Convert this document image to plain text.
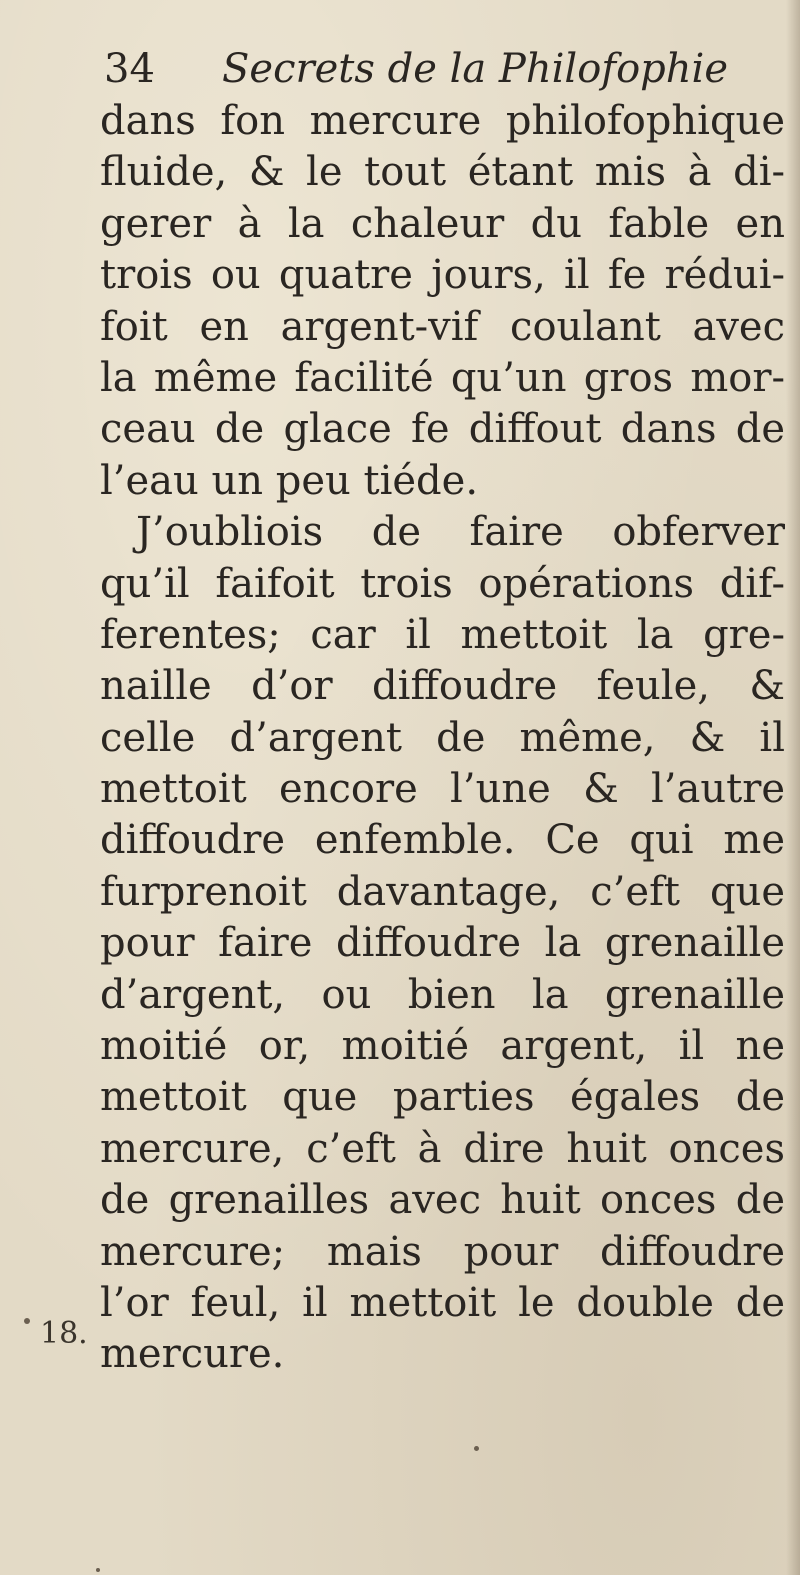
34 Secrets de la Philofophie
dans fon mercure philofophique
fluide, & le tout étant mis à di-
gerer à la chaleur du fable en
trois ou quatre jours, il fe rédui-
foit en argent-vif coulant avec
la même facilité qu’un gros mor-
ceau de glace fe diffout dans de
l’eau un peu tiéde.
J’oubliois de faire obferver
qu’il faifoit trois opérations dif-
ferentes; car il mettoit la gre-
naille d’or diffoudre feule, &
celle d’argent de même, & il
mettoit encore l’une & l’autre
diffoudre enfemble. Ce qui me
furprenoit davantage, c’eft que
pour faire diffoudre la grenaille
d’argent, ou bien la grenaille
moitié or, moitié argent, il ne
mettoit que parties égales de
mercure, c’eft à dire huit onces
de grenailles avec huit onces de
mercure; mais pour diffoudre
l’or feul, il mettoit le double de
mercure.
18.
